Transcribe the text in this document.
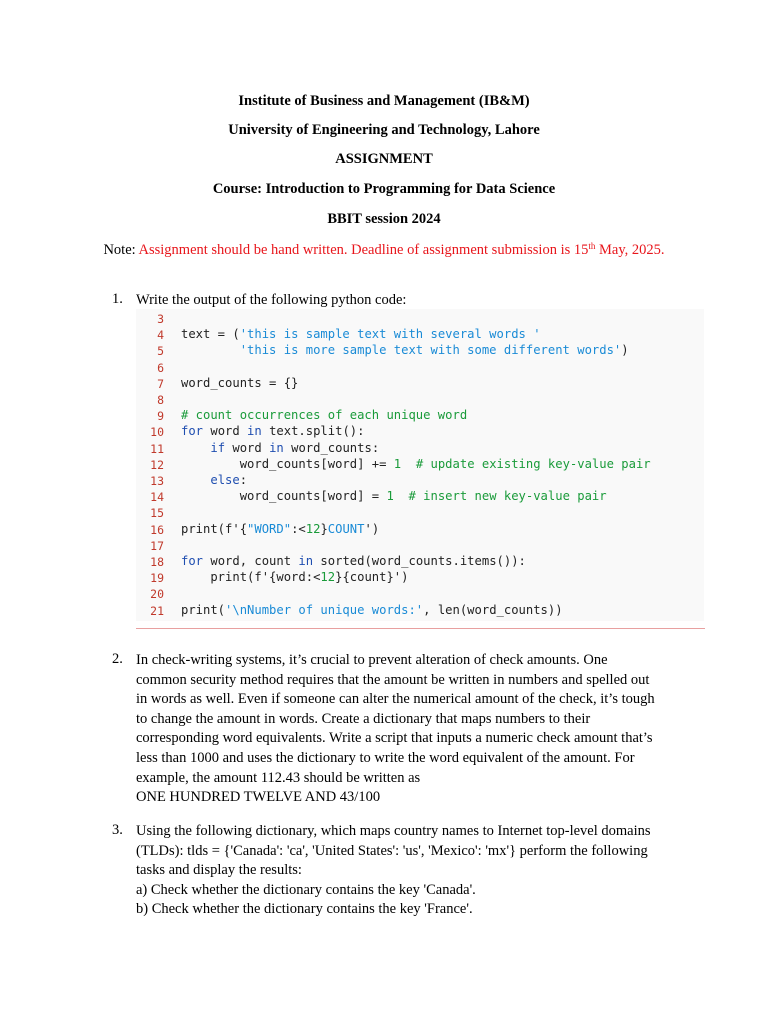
Institute of Business and Management (IB&M)
University of Engineering and Technology, Lahore
ASSIGNMENT
Course: Introduction to Programming for Data Science
BBIT session 2024
Note: Assignment should be hand written. Deadline of assignment submission is 15th May, 2025.
1. Write the output of the following python code:
3
4 text = ('this is sample text with several words '
5	'this is more sample text with some different words')
6
7 word_counts = {}
8
9 # count occurrences of each unique word
10 for word in text.split():
11	if word in word_counts:
12 word_counts[word] += 1 # update existing key-value pair
13	else:
14 word_counts[word] = 1 # insert new key-value pair
15
16 print(f'{"WORD":<12}COUNT')
17
18 for word, count in sorted(word_counts.items()):
19 print(f'{word:<12}{count}')
20
21 print('\nNumber of unique words:', len(word_counts))
2. In check-writing systems, it’s crucial to prevent alteration of check amounts. One
common security method requires that the amount be written in numbers and spelled out
in words as well. Even if someone can alter the numerical amount of the check, it’s tough
to change the amount in words. Create a dictionary that maps numbers to their
corresponding word equivalents. Write a script that inputs a numeric check amount that’s
less than 1000 and uses the dictionary to write the word equivalent of the amount. For
example, the amount 112.43 should be written as
ONE HUNDRED TWELVE AND 43/100
3. Using the following dictionary, which maps country names to Internet top-level domains
(TLDs): tlds = {'Canada': 'ca', 'United States': 'us', 'Mexico': 'mx'} perform the following
tasks and display the results:
a) Check whether the dictionary contains the key 'Canada'.
b) Check whether the dictionary contains the key 'France'.
